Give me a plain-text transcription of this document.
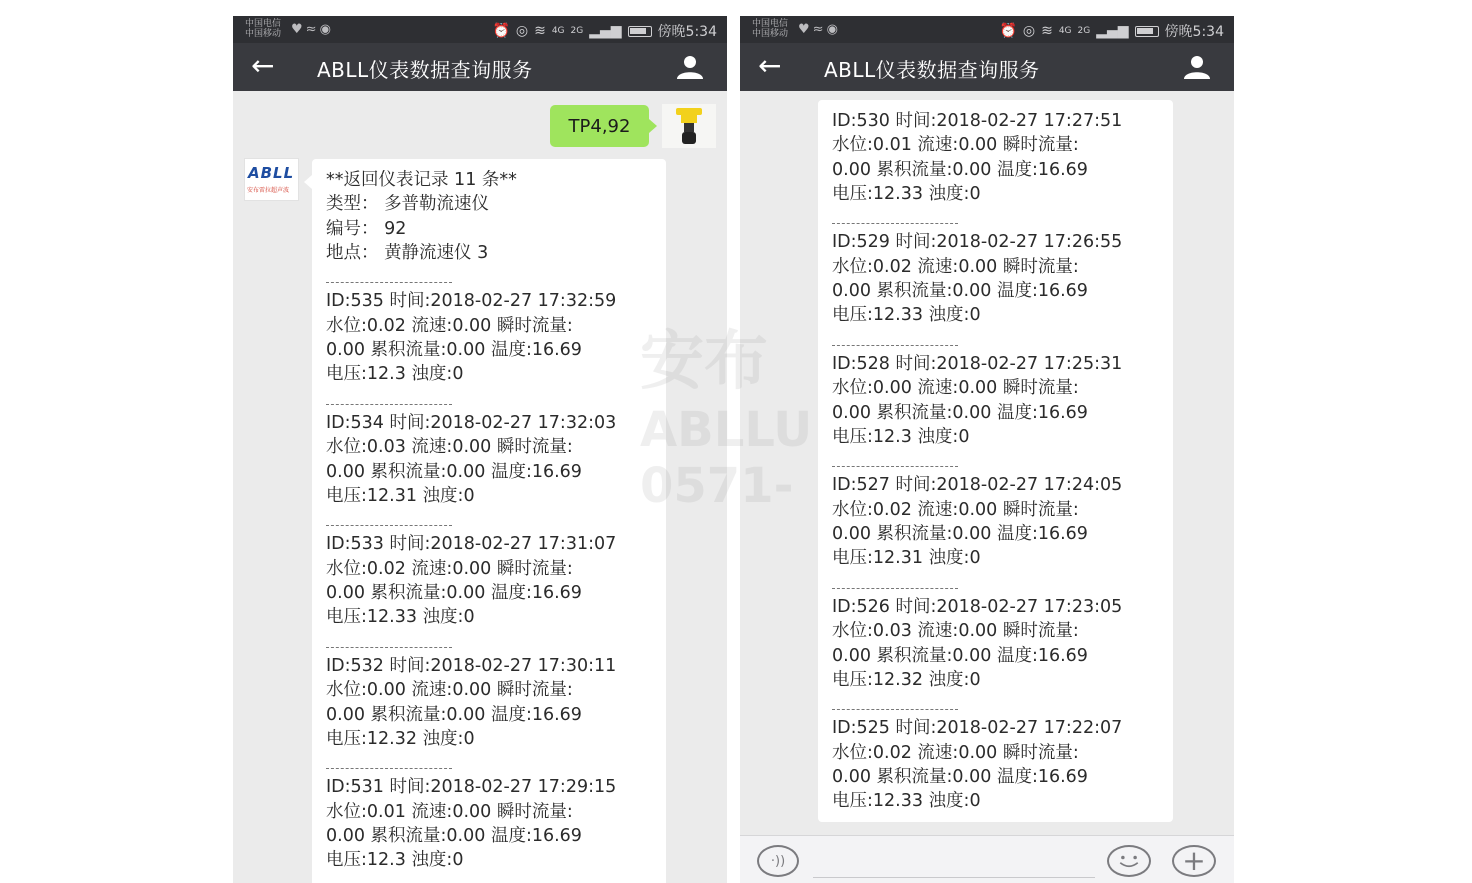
中国电信
中国移动 ♥≈◉	⏰ ◎ ≋ 4G 2G ▂▄▆	傍晚5:34
← ABLL仪表数据查询服务
TP4,92
ABLL
安布雷拉超声波
**返回仪表记录 11 条**
类型： 多普勒流速仪
编号： 92
地点： 黄静流速仪 3
ID:535 时间:2018-02-27 17:32:59
水位:0.02 流速:0.00 瞬时流量:
0.00 累积流量:0.00 温度:16.69
电压:12.3 浊度:0
ID:534 时间:2018-02-27 17:32:03
水位:0.03 流速:0.00 瞬时流量:
0.00 累积流量:0.00 温度:16.69
电压:12.31 浊度:0
ID:533 时间:2018-02-27 17:31:07
水位:0.02 流速:0.00 瞬时流量:
0.00 累积流量:0.00 温度:16.69
电压:12.33 浊度:0
ID:532 时间:2018-02-27 17:30:11
水位:0.00 流速:0.00 瞬时流量:
0.00 累积流量:0.00 温度:16.69
电压:12.32 浊度:0
ID:531 时间:2018-02-27 17:29:15
水位:0.01 流速:0.00 瞬时流量:
0.00 累积流量:0.00 温度:16.69
电压:12.3 浊度:0
中国电信
中国移动 ♥≈◉	⏰ ◎ ≋ 4G 2G ▂▄▆	傍晚5:34
← ABLL仪表数据查询服务
ID:530 时间:2018-02-27 17:27:51
水位:0.01 流速:0.00 瞬时流量:
0.00 累积流量:0.00 温度:16.69
电压:12.33 浊度:0
ID:529 时间:2018-02-27 17:26:55
水位:0.02 流速:0.00 瞬时流量:
0.00 累积流量:0.00 温度:16.69
电压:12.33 浊度:0
ID:528 时间:2018-02-27 17:25:31
水位:0.00 流速:0.00 瞬时流量:
0.00 累积流量:0.00 温度:16.69
电压:12.3 浊度:0
ID:527 时间:2018-02-27 17:24:05
水位:0.02 流速:0.00 瞬时流量:
0.00 累积流量:0.00 温度:16.69
电压:12.31 浊度:0
ID:526 时间:2018-02-27 17:23:05
水位:0.03 流速:0.00 瞬时流量:
0.00 累积流量:0.00 温度:16.69
电压:12.32 浊度:0
ID:525 时间:2018-02-27 17:22:07
水位:0.02 流速:0.00 瞬时流量:
0.00 累积流量:0.00 温度:16.69
电压:12.33 浊度:0
·))	+
